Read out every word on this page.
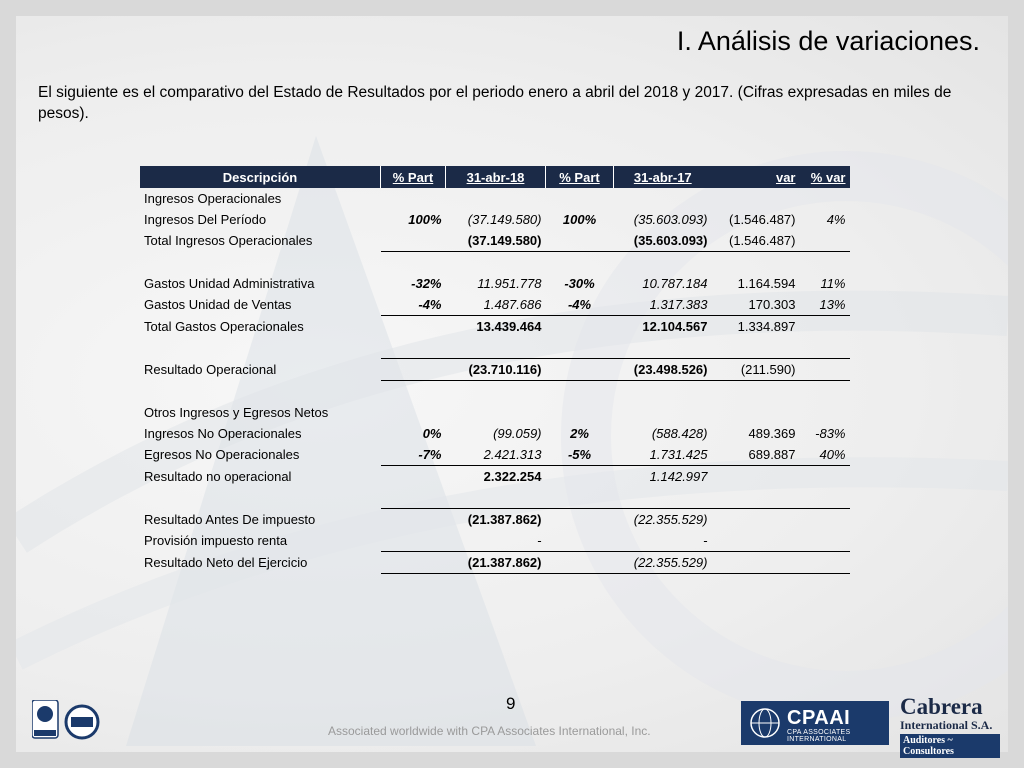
I. Análisis de variaciones.
El siguiente es el comparativo del Estado de Resultados por el periodo enero a abril del 2018 y 2017. (Cifras expresadas en miles de pesos).
Descripción	% Part	31-abr-18	% Part	31-abr-17	var	% var
Ingresos Operacionales						
Ingresos Del Período	100%	(37.149.580)	100%	(35.603.093)	(1.546.487)	4%
Total Ingresos Operacionales		(37.149.580)		(35.603.093)	(1.546.487)	

Gastos Unidad Administrativa	-32%	11.951.778	-30%	10.787.184	1.164.594	11%
Gastos Unidad de Ventas	-4%	1.487.686	-4%	1.317.383	170.303	13%
Total Gastos Operacionales		13.439.464		12.104.567	1.334.897	

Resultado Operacional		(23.710.116)		(23.498.526)	(211.590)	

Otros Ingresos y Egresos Netos						
Ingresos No Operacionales	0%	(99.059)	2%	(588.428)	489.369	-83%
Egresos No Operacionales	-7%	2.421.313	-5%	1.731.425	689.887	40%
Resultado no operacional		2.322.254		1.142.997		

Resultado Antes De impuesto		(21.387.862)		(22.355.529)		
Provisión impuesto renta		-		-		
Resultado Neto del Ejercicio		(21.387.862)		(22.355.529)		
9
Associated worldwide with CPA Associates International, Inc.
CPAAI
CPA ASSOCIATES INTERNATIONAL
Cabrera
International S.A.
Auditores ~ Consultores
